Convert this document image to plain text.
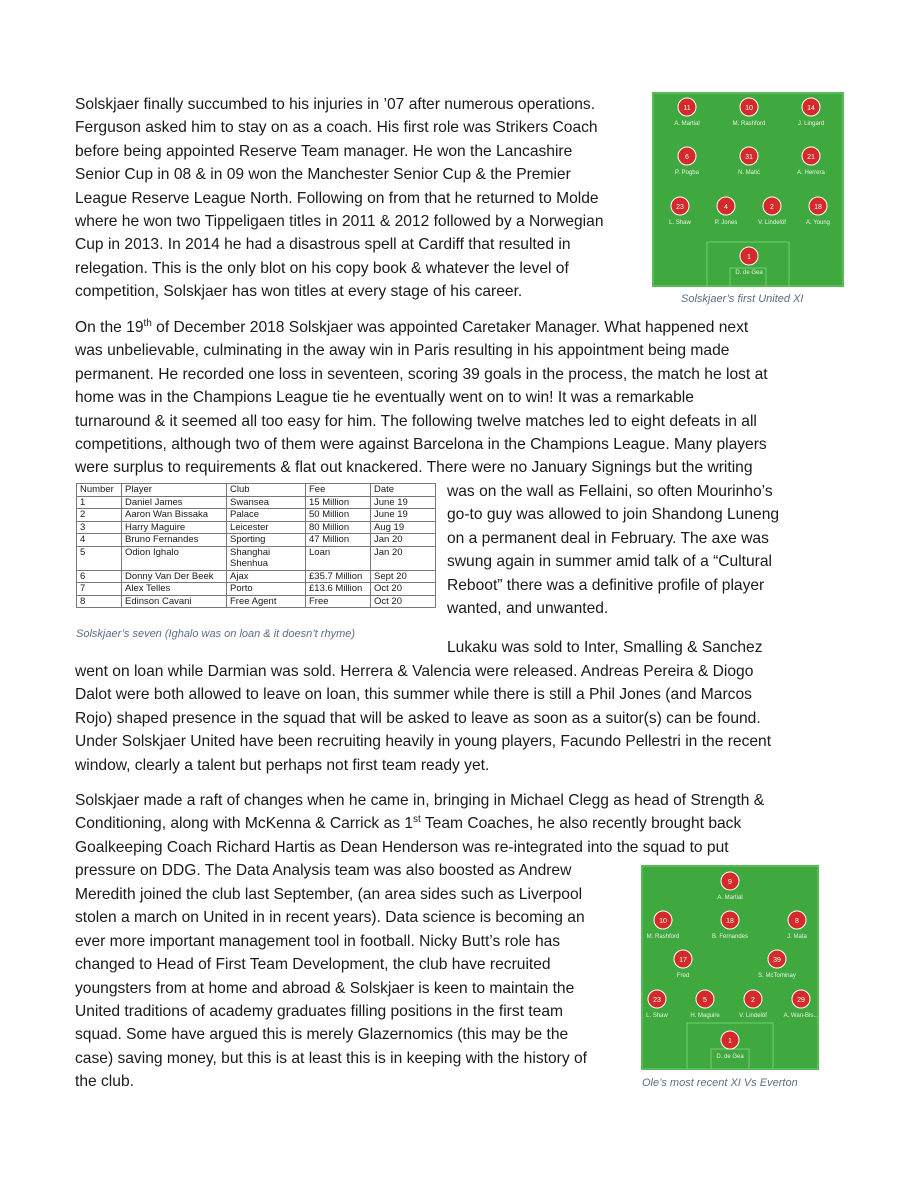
Solskjaer finally succumbed to his injuries in ’07 after numerous operations.
Ferguson asked him to stay on as a coach. His first role was Strikers Coach
before being appointed Reserve Team manager. He won the Lancashire
Senior Cup in 08 & in 09 won the Manchester Senior Cup & the Premier
League Reserve League North. Following on from that he returned to Molde
where he won two Tippeligaen titles in 2011 & 2012 followed by a Norwegian
Cup in 2013. In 2014 he had a disastrous spell at Cardiff that resulted in
relegation. This is the only blot on his copy book & whatever the level of
competition, Solskjaer has won titles at every stage of his career.
11
A. Martial
10
M. Rashford
14
J. Lingard
6
P. Pogba
31
N. Matić
21
A. Herrera
23
L. Shaw
4
P. Jones
2
V. Lindelöf
18
A. Young
1
D. de Gea
Solskjaer’s first United XI
On the 19th of December 2018 Solskjaer was appointed Caretaker Manager. What happened next
was unbelievable, culminating in the away win in Paris resulting in his appointment being made
permanent. He recorded one loss in seventeen, scoring 39 goals in the process, the match he lost at
home was in the Champions League tie he eventually went on to win! It was a remarkable
turnaround & it seemed all too easy for him. The following twelve matches led to eight defeats in all
competitions, although two of them were against Barcelona in the Champions League. Many players
were surplus to requirements & flat out knackered. There were no January Signings but the writing
was on the wall as Fellaini, so often Mourinho’s
go-to guy was allowed to join Shandong Luneng
on a permanent deal in February. The axe was
swung again in summer amid talk of a “Cultural
Reboot” there was a definitive profile of player
wanted, and unwanted.
Number	Player	Club	Fee	Date
1	Daniel James	Swansea	15 Million	June 19
2	Aaron Wan Bissaka	Palace	50 Million	June 19
3	Harry Maguire	Leicester	80 Million	Aug 19
4	Bruno Fernandes	Sporting	47 Million	Jan 20
5	Odion Ighalo	Shanghai Shenhua	Loan	Jan 20
6	Donny Van Der Beek	Ajax	£35.7 Million	Sept 20
7	Alex Telles	Porto	£13.6 Million	Oct 20
8	Edinson Cavani	Free Agent	Free	Oct 20
Solskjaer’s seven (Ighalo was on loan & it doesn’t rhyme)
Lukaku was sold to Inter, Smalling & Sanchez
went on loan while Darmian was sold. Herrera & Valencia were released. Andreas Pereira & Diogo
Dalot were both allowed to leave on loan, this summer while there is still a Phil Jones (and Marcos
Rojo) shaped presence in the squad that will be asked to leave as soon as a suitor(s) can be found.
Under Solskjaer United have been recruiting heavily in young players, Facundo Pellestri in the recent
window, clearly a talent but perhaps not first team ready yet.
Solskjaer made a raft of changes when he came in, bringing in Michael Clegg as head of Strength &
Conditioning, along with McKenna & Carrick as 1st Team Coaches, he also recently brought back
Goalkeeping Coach Richard Hartis as Dean Henderson was re-integrated into the squad to put
pressure on DDG. The Data Analysis team was also boosted as Andrew
Meredith joined the club last September, (an area sides such as Liverpool
stolen a march on United in in recent years). Data science is becoming an
ever more important management tool in football. Nicky Butt’s role has
changed to Head of First Team Development, the club have recruited
youngsters from at home and abroad & Solskjaer is keen to maintain the
United traditions of academy graduates filling positions in the first team
squad. Some have argued this is merely Glazernomics (this may be the
case) saving money, but this is at least this is in keeping with the history of
the club.
9
A. Martial
10
M. Rashford
18
B. Fernandes
8
J. Mata
17
Fred
39
S. McTominay
23
L. Shaw
5
H. Maguire
2
V. Lindelöf
29
A. Wan-Bis...
1
D. de Gea
Ole’s most recent XI Vs Everton
